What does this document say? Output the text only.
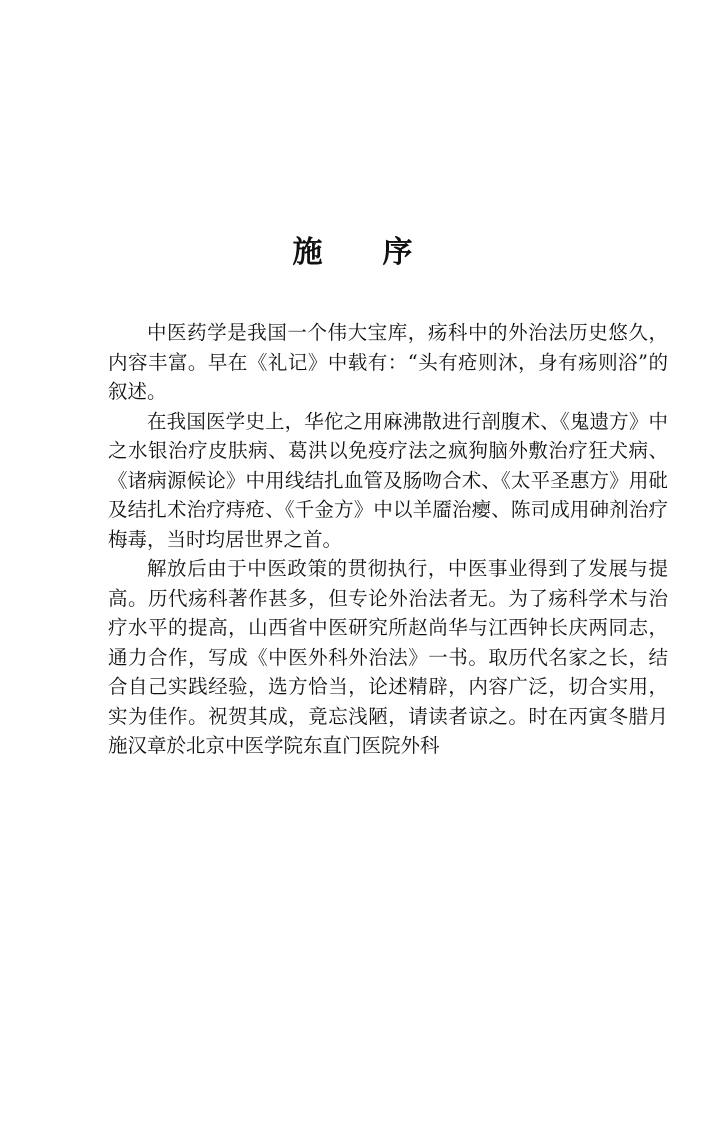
施 序

中医药学是我国一个伟大宝库，疡科中的外治法历史悠久，内容丰富。早在《礼记》中载有：“头有疮则沐，身有疡则浴”的叙述。

在我国医学史上，华佗之用麻沸散进行剖腹术、《鬼遗方》中之水银治疗皮肤病、葛洪以免疫疗法之疯狗脑外敷治疗狂犬病、《诸病源候论》中用线结扎血管及肠吻合术、《太平圣惠方》用砒及结扎术治疗痔疮、《千金方》中以羊靥治瘿、陈司成用砷剂治疗梅毒，当时均居世界之首。

解放后由于中医政策的贯彻执行，中医事业得到了发展与提高。历代疡科著作甚多，但专论外治法者无。为了疡科学术与治疗水平的提高，山西省中医研究所赵尚华与江西钟长庆两同志，通力合作，写成《中医外科外治法》一书。取历代名家之长，结合自己实践经验，选方恰当，论述精辟，内容广泛，切合实用，实为佳作。祝贺其成，竟忘浅陋，请读者谅之。时在丙寅冬腊月施汉章於北京中医学院东直门医院外科
